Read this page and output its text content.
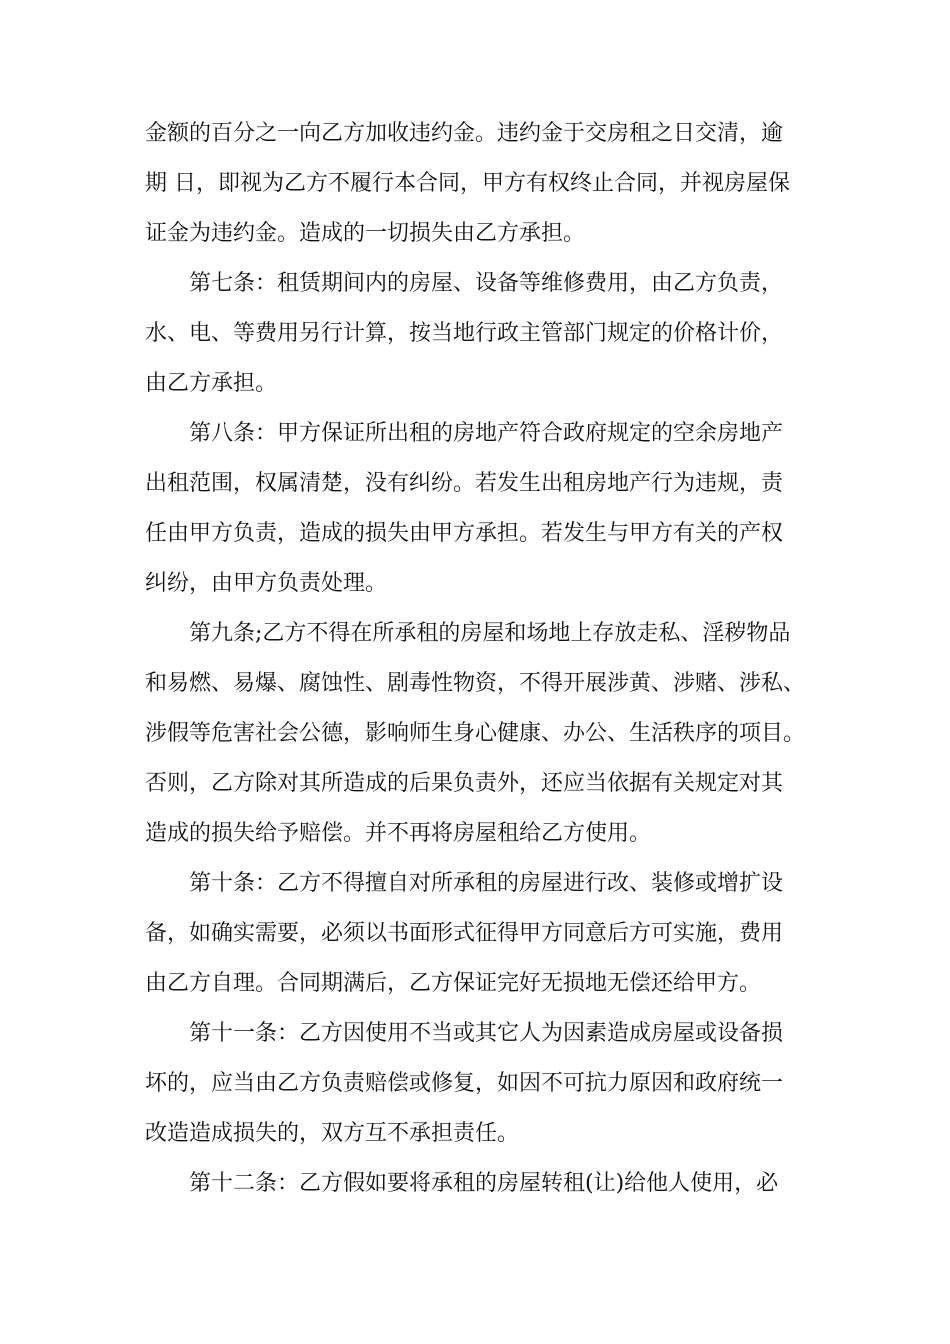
金额的百分之一向乙方加收违约金。违约金于交房租之日交清，逾
期 日，即视为乙方不履行本合同，甲方有权终止合同，并视房屋保
证金为违约金。造成的一切损失由乙方承担。
第七条：租赁期间内的房屋、设备等维修费用，由乙方负责，
水、电、等费用另行计算，按当地行政主管部门规定的价格计价，
由乙方承担。
第八条：甲方保证所出租的房地产符合政府规定的空余房地产
出租范围，权属清楚，没有纠纷。若发生出租房地产行为违规，责
任由甲方负责，造成的损失由甲方承担。若发生与甲方有关的产权
纠纷，由甲方负责处理。
第九条;乙方不得在所承租的房屋和场地上存放走私、淫秽物品
和易燃、易爆、腐蚀性、剧毒性物资，不得开展涉黄、涉赌、涉私、
涉假等危害社会公德，影响师生身心健康、办公、生活秩序的项目。
否则，乙方除对其所造成的后果负责外，还应当依据有关规定对其
造成的损失给予赔偿。并不再将房屋租给乙方使用。
第十条：乙方不得擅自对所承租的房屋进行改、装修或增扩设
备，如确实需要，必须以书面形式征得甲方同意后方可实施，费用
由乙方自理。合同期满后，乙方保证完好无损地无偿还给甲方。
第十一条：乙方因使用不当或其它人为因素造成房屋或设备损
坏的，应当由乙方负责赔偿或修复，如因不可抗力原因和政府统一
改造造成损失的，双方互不承担责任。
第十二条：乙方假如要将承租的房屋转租(让)给他人使用，必
